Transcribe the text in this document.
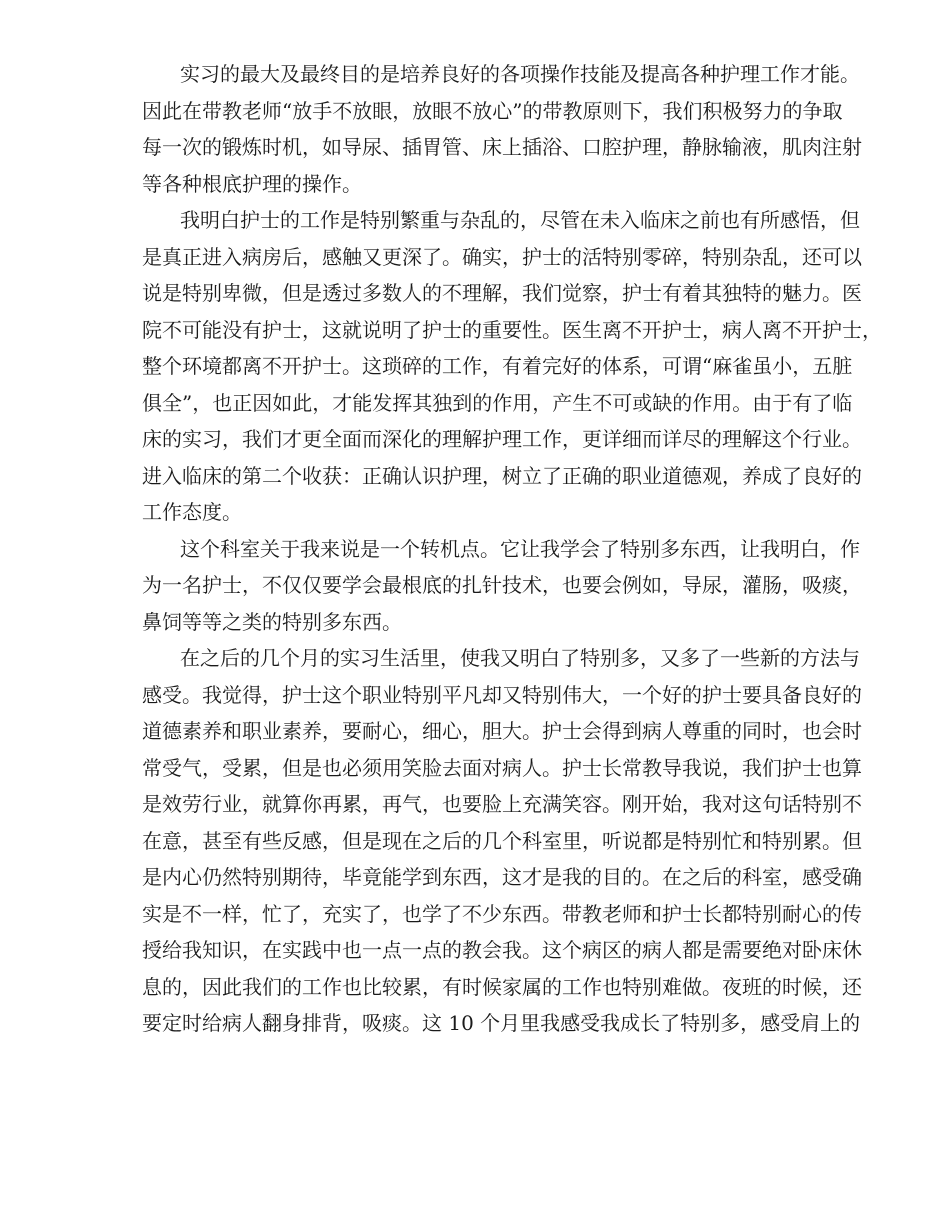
实习的最大及最终目的是培养良好的各项操作技能及提高各种护理工作才能。
因此在带教老师“放手不放眼，放眼不放心”的带教原则下，我们积极努力的争取
每一次的锻炼时机，如导尿、插胃管、床上插浴、口腔护理，静脉输液，肌肉注射
等各种根底护理的操作。
我明白护士的工作是特别繁重与杂乱的，尽管在未入临床之前也有所感悟，但
是真正进入病房后，感触又更深了。确实，护士的活特别零碎，特别杂乱，还可以
说是特别卑微，但是透过多数人的不理解，我们觉察，护士有着其独特的魅力。医
院不可能没有护士，这就说明了护士的重要性。医生离不开护士，病人离不开护士，
整个环境都离不开护士。这琐碎的工作，有着完好的体系，可谓“麻雀虽小，五脏
俱全”，也正因如此，才能发挥其独到的作用，产生不可或缺的作用。由于有了临
床的实习，我们才更全面而深化的理解护理工作，更详细而详尽的理解这个行业。
进入临床的第二个收获：正确认识护理，树立了正确的职业道德观，养成了良好的
工作态度。
这个科室关于我来说是一个转机点。它让我学会了特别多东西，让我明白，作
为一名护士，不仅仅要学会最根底的扎针技术，也要会例如，导尿，灌肠，吸痰，
鼻饲等等之类的特别多东西。
在之后的几个月的实习生活里，使我又明白了特别多，又多了一些新的方法与
感受。我觉得，护士这个职业特别平凡却又特别伟大，一个好的护士要具备良好的
道德素养和职业素养，要耐心，细心，胆大。护士会得到病人尊重的同时，也会时
常受气，受累，但是也必须用笑脸去面对病人。护士长常教导我说，我们护士也算
是效劳行业，就算你再累，再气，也要脸上充满笑容。刚开始，我对这句话特别不
在意，甚至有些反感，但是现在之后的几个科室里，听说都是特别忙和特别累。但
是内心仍然特别期待，毕竟能学到东西，这才是我的目的。在之后的科室，感受确
实是不一样，忙了，充实了，也学了不少东西。带教老师和护士长都特别耐心的传
授给我知识，在实践中也一点一点的教会我。这个病区的病人都是需要绝对卧床休
息的，因此我们的工作也比较累，有时候家属的工作也特别难做。夜班的时候，还
要定时给病人翻身排背，吸痰。这 10 个月里我感受我成长了特别多，感受肩上的
